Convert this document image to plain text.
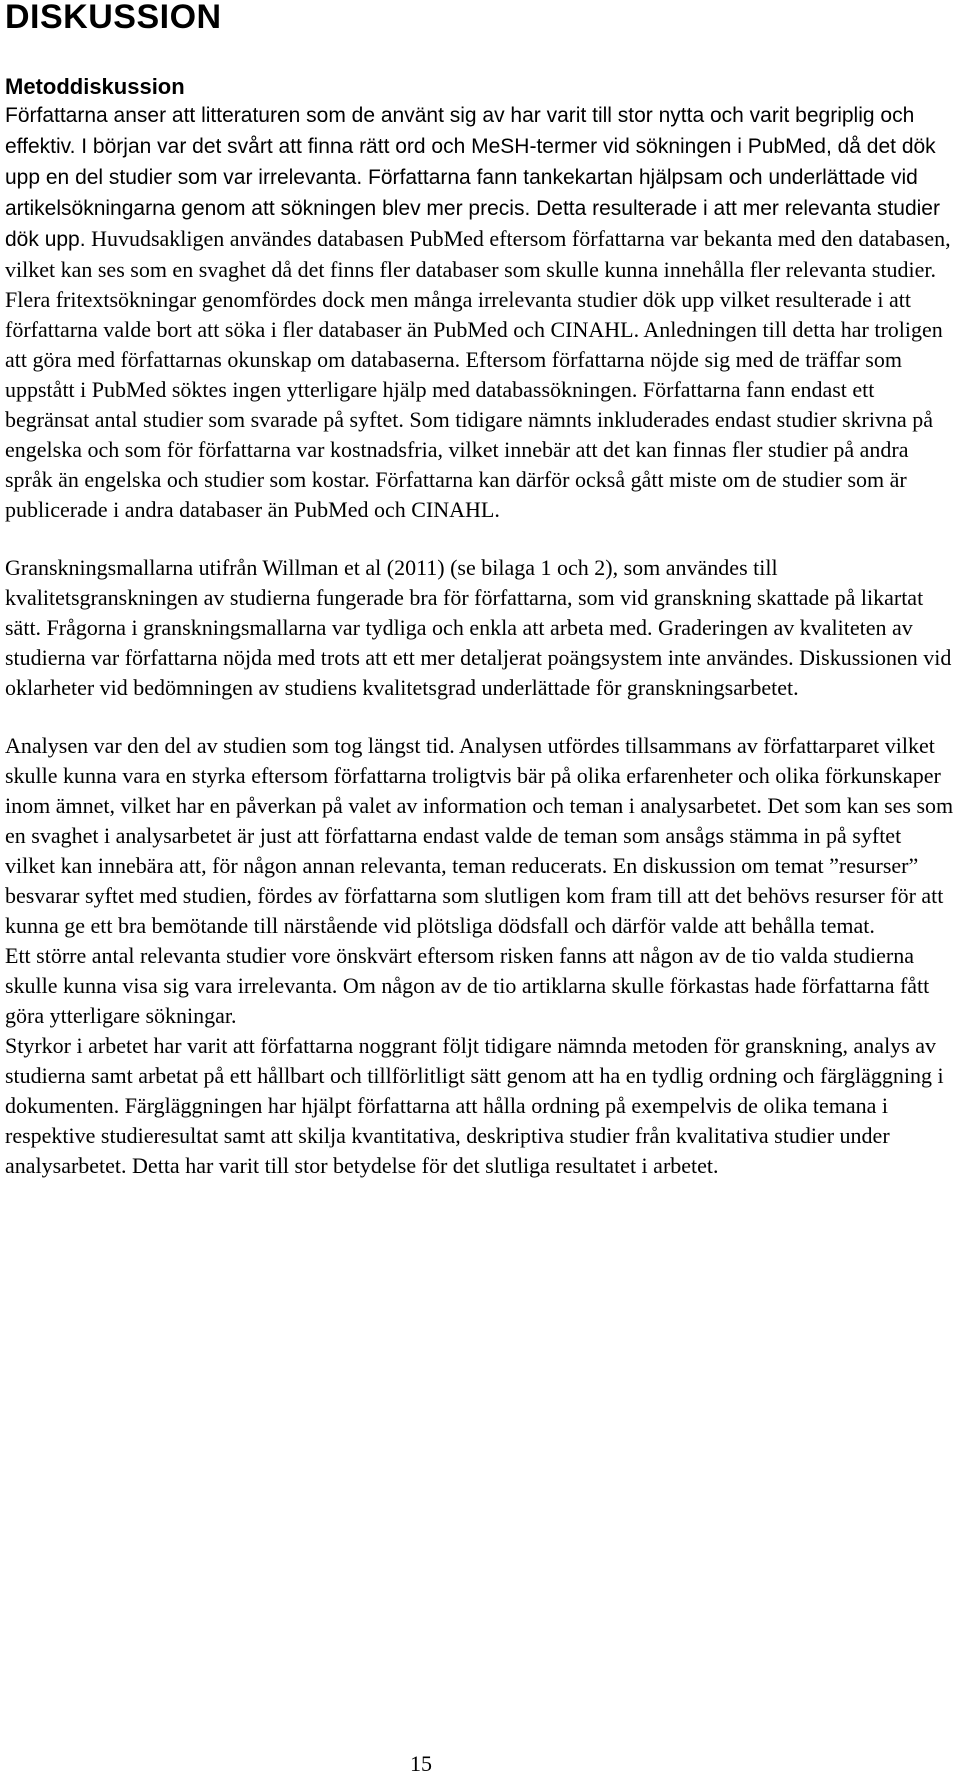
DISKUSSION
Metoddiskussion

Författarna anser att litteraturen som de använt sig av har varit till stor nytta och varit begriplig och effektiv. I början var det svårt att finna rätt ord och MeSH-termer vid sökningen i PubMed, då det dök upp en del studier som var irrelevanta. Författarna fann tankekartan hjälpsam och underlättade vid artikelsökningarna genom att sökningen blev mer precis. Detta resulterade i att mer relevanta studier dök upp. Huvudsakligen användes databasen PubMed eftersom författarna var bekanta med den databasen, vilket kan ses som en svaghet då det finns fler databaser som skulle kunna innehålla fler relevanta studier. Flera fritextsökningar genomfördes dock men många irrelevanta studier dök upp vilket resulterade i att författarna valde bort att söka i fler databaser än PubMed och CINAHL. Anledningen till detta har troligen att göra med författarnas okunskap om databaserna. Eftersom författarna nöjde sig med de träffar som uppstått i PubMed söktes ingen ytterligare hjälp med databassökningen. Författarna fann endast ett begränsat antal studier som svarade på syftet. Som tidigare nämnts inkluderades endast studier skrivna på engelska och som för författarna var kostnadsfria, vilket innebär att det kan finnas fler studier på andra språk än engelska och studier som kostar. Författarna kan därför också gått miste om de studier som är publicerade i andra databaser än PubMed och CINAHL.

Granskningsmallarna utifrån Willman et al (2011) (se bilaga 1 och 2), som användes till kvalitetsgranskningen av studierna fungerade bra för författarna, som vid granskning skattade på likartat sätt. Frågorna i granskningsmallarna var tydliga och enkla att arbeta med. Graderingen av kvaliteten av studierna var författarna nöjda med trots att ett mer detaljerat poängsystem inte användes. Diskussionen vid oklarheter vid bedömningen av studiens kvalitetsgrad underlättade för granskningsarbetet.

Analysen var den del av studien som tog längst tid. Analysen utfördes tillsammans av författarparet vilket skulle kunna vara en styrka eftersom författarna troligtvis bär på olika erfarenheter och olika förkunskaper inom ämnet, vilket har en påverkan på valet av information och teman i analysarbetet. Det som kan ses som en svaghet i analysarbetet är just att författarna endast valde de teman som ansågs stämma in på syftet vilket kan innebära att, för någon annan relevanta, teman reducerats. En diskussion om temat ”resurser” besvarar syftet med studien, fördes av författarna som slutligen kom fram till att det behövs resurser för att kunna ge ett bra bemötande till närstående vid plötsliga dödsfall och därför valde att behålla temat.

Ett större antal relevanta studier vore önskvärt eftersom risken fanns att någon av de tio valda studierna skulle kunna visa sig vara irrelevanta. Om någon av de tio artiklarna skulle förkastas hade författarna fått göra ytterligare sökningar.

Styrkor i arbetet har varit att författarna noggrant följt tidigare nämnda metoden för granskning, analys av studierna samt arbetat på ett hållbart och tillförlitligt sätt genom att ha en tydlig ordning och färgläggning i dokumenten. Färgläggningen har hjälpt författarna att hålla ordning på exempelvis de olika temana i respektive studieresultat samt att skilja kvantitativa, deskriptiva studier från kvalitativa studier under analysarbetet. Detta har varit till stor betydelse för det slutliga resultatet i arbetet.

15
